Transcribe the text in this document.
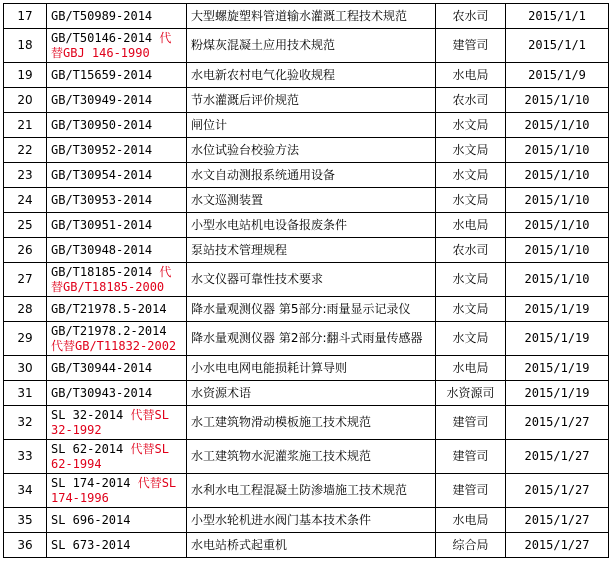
17	GB/T50989-2014	大型螺旋塑料管道输水灌溉工程技术规范	农水司	2015/1/1
18	GB/T50146-2014 代替GBJ 146-1990	粉煤灰混凝土应用技术规范	建管司	2015/1/1
19	GB/T15659-2014	水电新农村电气化验收规程	水电局	2015/1/9
20	GB/T30949-2014	节水灌溉后评价规范	农水司	2015/1/10
21	GB/T30950-2014	闸位计	水文局	2015/1/10
22	GB/T30952-2014	水位试验台校验方法	水文局	2015/1/10
23	GB/T30954-2014	水文自动测报系统通用设备	水文局	2015/1/10
24	GB/T30953-2014	水文巡测装置	水文局	2015/1/10
25	GB/T30951-2014	小型水电站机电设备报废条件	水电局	2015/1/10
26	GB/T30948-2014	泵站技术管理规程	农水司	2015/1/10
27	GB/T18185-2014 代替GB/T18185-2000	水文仪器可靠性技术要求	水文局	2015/1/10
28	GB/T21978.5-2014	降水量观测仪器 第5部分:雨量显示记录仪	水文局	2015/1/19
29	GB/T21978.2-2014 代替GB/T11832-2002	降水量观测仪器 第2部分:翻斗式雨量传感器	水文局	2015/1/19
30	GB/T30944-2014	小水电电网电能损耗计算导则	水电局	2015/1/19
31	GB/T30943-2014	水资源术语	水资源司	2015/1/19
32	SL 32-2014 代替SL 32-1992	水工建筑物滑动模板施工技术规范	建管司	2015/1/27
33	SL 62-2014 代替SL 62-1994	水工建筑物水泥灌浆施工技术规范	建管司	2015/1/27
34	SL 174-2014 代替SL 174-1996	水利水电工程混凝土防渗墙施工技术规范	建管司	2015/1/27
35	SL 696-2014	小型水轮机进水阀门基本技术条件	水电局	2015/1/27
36	SL 673-2014	水电站桥式起重机	综合局	2015/1/27
